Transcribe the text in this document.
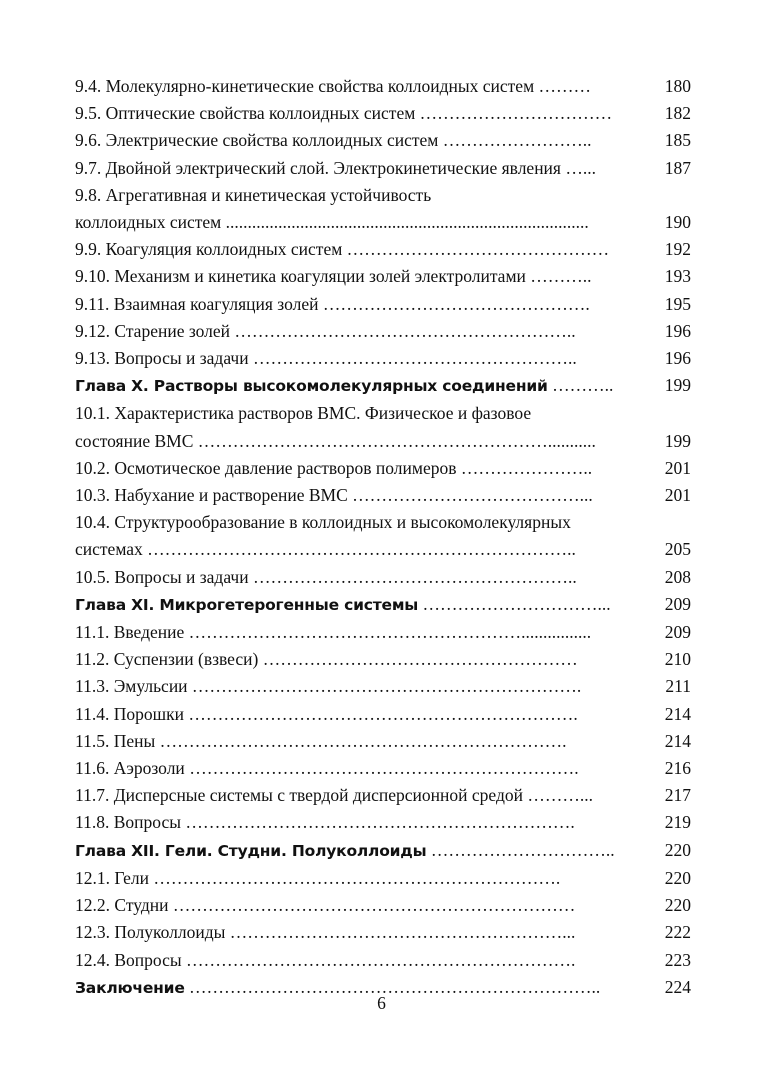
9.4. Молекулярно-кинетические свойства коллоидных систем ………	180
9.5. Оптические свойства коллоидных систем ……………………………	182
9.6. Электрические свойства коллоидных систем ……………………..	185
9.7. Двойной электрический слой. Электрокинетические явления …...	187
9.8. Агрегативная и кинетическая устойчивость
коллоидных систем ...................................................................................	190
9.9. Коагуляция коллоидных систем ………………………………………	192
9.10. Механизм и кинетика коагуляции золей электролитами ………..	193
9.11. Взаимная коагуляция золей ……………………………………….	195
9.12. Старение золей …………………………………………………..	196
9.13. Вопросы и задачи ………………………………………………..	196
Глава X. Растворы высокомолекулярных соединений ………..	199
10.1. Характеристика растворов ВМС. Физическое и фазовое
состояние ВМС ……………………………………………………...........	199
10.2. Осмотическое давление растворов полимеров …………………..	201
10.3. Набухание и растворение ВМС …………………………………...	201
10.4. Структурообразование в коллоидных и высокомолекулярных
системах ………………………………………………………………..	205
10.5. Вопросы и задачи ………………………………………………..	208
Глава XI. Микрогетерогенные системы …………………………...	209
11.1. Введение …………………………………………………................	209
11.2. Суспензии (взвеси) ………………………………………………	210
11.3. Эмульсии ………………………………………………………….	211
11.4. Порошки ………………………………………………………….	214
11.5. Пены …………………………………………………………….	214
11.6. Аэрозоли ………………………………………………………….	216
11.7. Дисперсные системы с твердой дисперсионной средой ………...	217
11.8. Вопросы ………………………………………………………….	219
Глава XII. Гели. Студни. Полуколлоиды …………………………..	220
12.1. Гели …………………………………………………………….	220
12.2. Студни ……………………………………………………………	220
12.3. Полуколлоиды …………………………………………………...	222
12.4. Вопросы ………………………………………………………….	223
Заключение ……………………………………………………………..	224
6
